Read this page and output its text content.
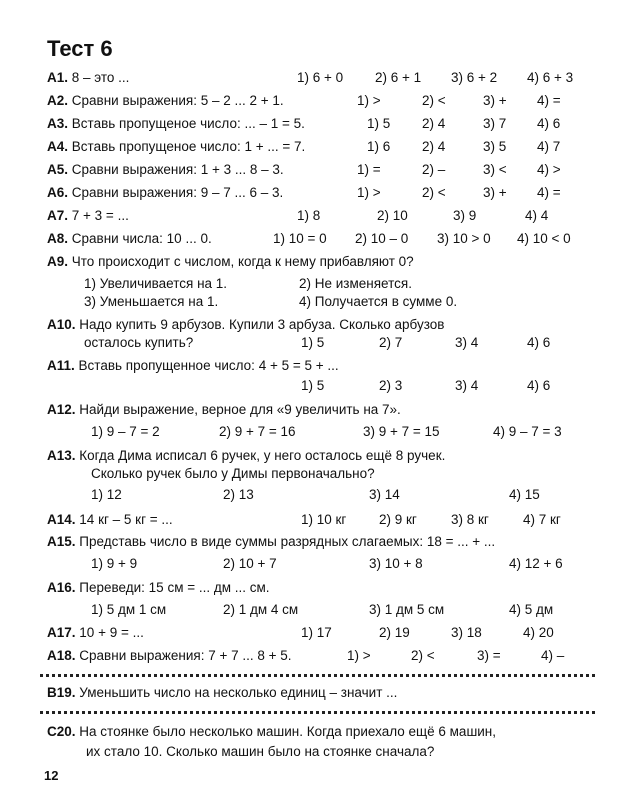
Тест 6
А1. 8 – это ...	1) 6 + 0 2) 6 + 1 3) 6 + 2 4) 6 + 3
А2. Сравни выражения: 5 – 2 ... 2 + 1.	1) >	2) <	3) + 4) =
А3. Вставь пропущеное число: ... – 1 = 5.	1) 5 2) 4	3) 7 4) 6
А4. Вставь пропущеное число: 1 + ... = 7.	1) 6 2) 4	3) 5 4) 7
А5. Сравни выражения: 1 + 3 ... 8 – 3.	1) =	2) –	3) < 4) >
А6. Сравни выражения: 9 – 7 ... 6 – 3.	1) >	2) <	3) + 4) =
А7. 7 + 3 = ...	1) 8	2) 10	3) 9	4) 4
А8. Сравни числа: 10 ... 0.	1) 10 = 0 2) 10 – 0 3) 10 > 0 4) 10 < 0
А9. Что происходит с числом, когда к нему прибавляют 0?
1) Увеличивается на 1.	2) Не изменяется.
3) Уменьшается на 1.	4) Получается в сумме 0.
А10. Надо купить 9 арбузов. Купили 3 арбуза. Сколько арбузов
осталось купить?	1) 5	2) 7	3) 4	4) 6
А11. Вставь пропущенное число: 4 + 5 = 5 + ...
1) 5	2) 3	3) 4	4) 6
А12. Найди выражение, верное для «9 увеличить на 7».
1) 9 – 7 = 2	2) 9 + 7 = 16	3) 9 + 7 = 15	4) 9 – 7 = 3
А13. Когда Дима исписал 6 ручек, у него осталось ещё 8 ручек.
Сколько ручек было у Димы первоначально?
1) 12	2) 13	3) 14	4) 15
А14. 14 кг – 5 кг = ...	1) 10 кг 2) 9 кг	3) 8 кг	4) 7 кг
А15. Представь число в виде суммы разрядных слагаемых: 18 = ... + ...
1) 9 + 9	2) 10 + 7	3) 10 + 8	4) 12 + 6
А16. Переведи: 15 см = ... дм ... см.
1) 5 дм 1 см	2) 1 дм 4 см	3) 1 дм 5 см	4) 5 дм
А17. 10 + 9 = ...	1) 17	2) 19	3) 18	4) 20
А18. Сравни выражения: 7 + 7 ... 8 + 5.	1) >	2) <	3) =	4) –
В19. Уменьшить число на несколько единиц – значит ...
С20. На стоянке было несколько машин. Когда приехало ещё 6 машин,
их стало 10. Сколько машин было на стоянке сначала?
12
